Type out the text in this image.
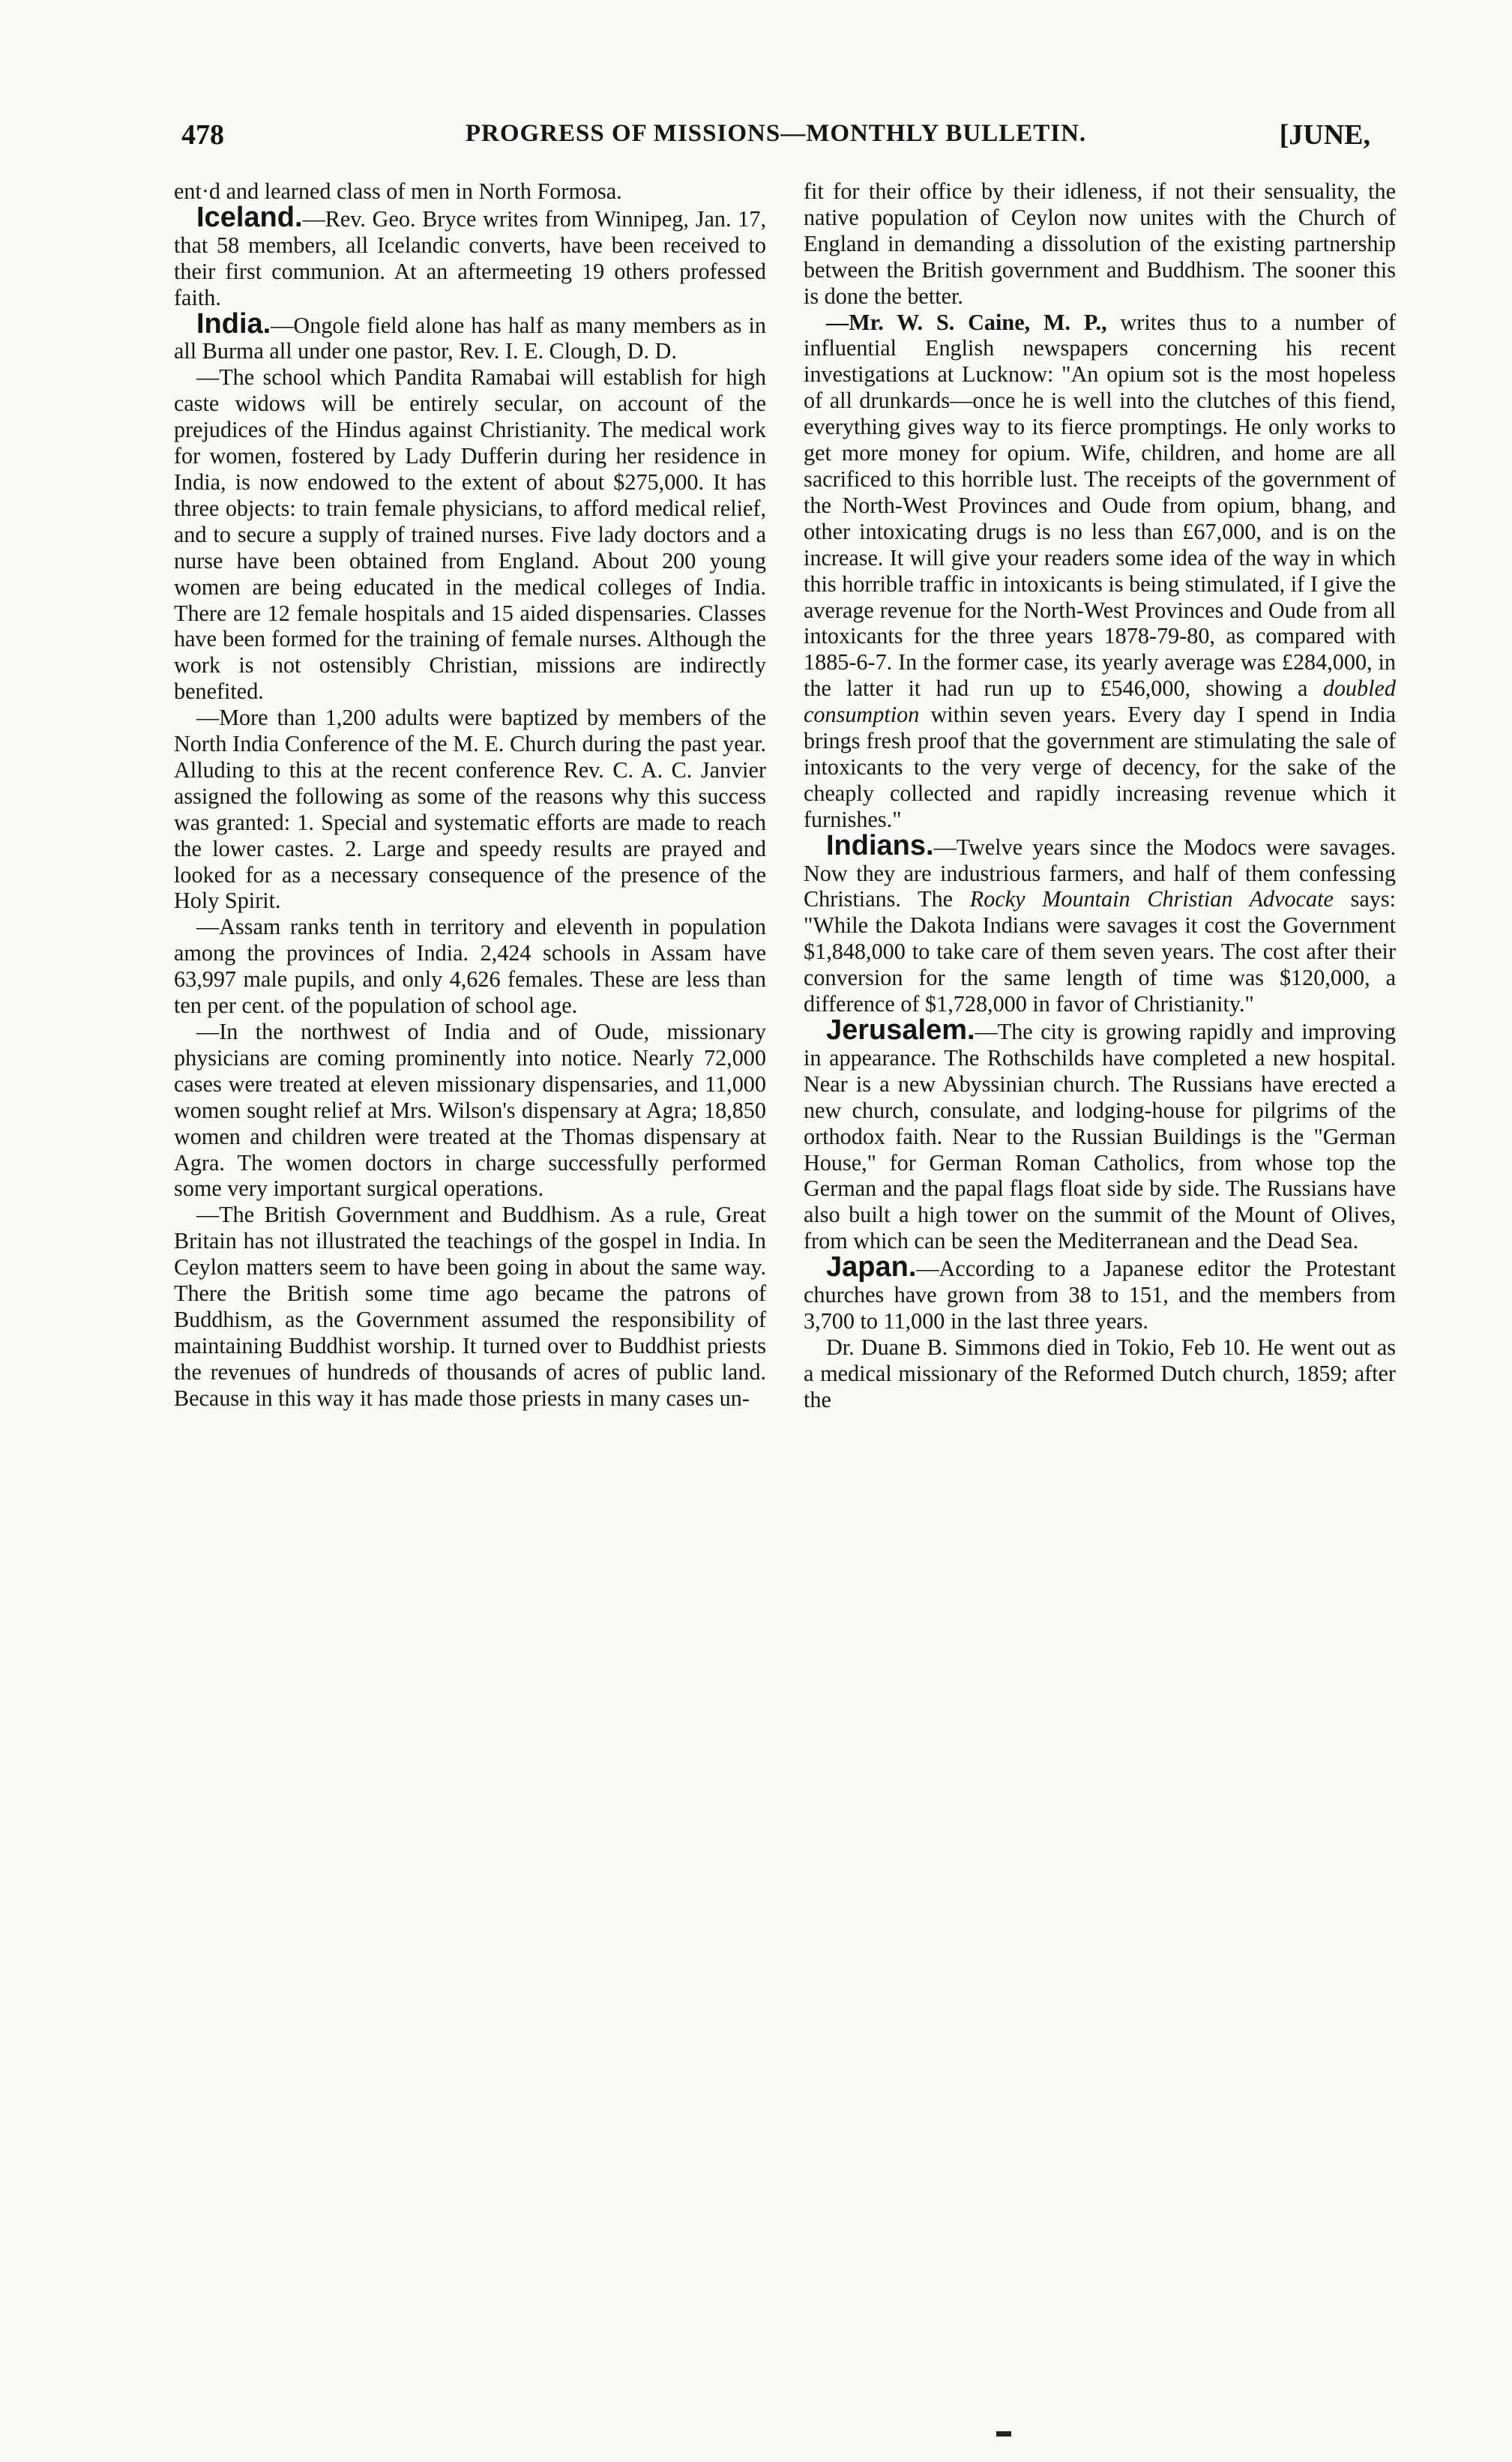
478	PROGRESS OF MISSIONS—MONTHLY BULLETIN.	[JUNE,

ent·d and learned class of men in North Formosa.

Iceland.—Rev. Geo. Bryce writes from Winnipeg, Jan. 17, that 58 members, all Icelandic converts, have been received to their first communion. At an aftermeeting 19 others professed faith.

India.—Ongole field alone has half as many members as in all Burma all under one pastor, Rev. I. E. Clough, D. D.

—The school which Pandita Ramabai will establish for high caste widows will be entirely secular, on account of the prejudices of the Hindus against Christianity. The medical work for women, fostered by Lady Dufferin during her residence in India, is now endowed to the extent of about $275,000. It has three objects: to train female physicians, to afford medical relief, and to secure a supply of trained nurses. Five lady doctors and a nurse have been obtained from England. About 200 young women are being educated in the medical colleges of India. There are 12 female hospitals and 15 aided dispensaries. Classes have been formed for the training of female nurses. Although the work is not ostensibly Christian, missions are indirectly benefited.

—More than 1,200 adults were baptized by members of the North India Conference of the M. E. Church during the past year. Alluding to this at the recent conference Rev. C. A. C. Janvier assigned the following as some of the reasons why this success was granted: 1. Special and systematic efforts are made to reach the lower castes. 2. Large and speedy results are prayed and looked for as a necessary consequence of the presence of the Holy Spirit.

—Assam ranks tenth in territory and eleventh in population among the provinces of India. 2,424 schools in Assam have 63,997 male pupils, and only 4,626 females. These are less than ten per cent. of the population of school age.

—In the northwest of India and of Oude, missionary physicians are coming prominently into notice. Nearly 72,000 cases were treated at eleven missionary dispensaries, and 11,000 women sought relief at Mrs. Wilson's dispensary at Agra; 18,850 women and children were treated at the Thomas dispensary at Agra. The women doctors in charge successfully performed some very important surgical operations.

—The British Government and Buddhism. As a rule, Great Britain has not illustrated the teachings of the gospel in India. In Ceylon matters seem to have been going in about the same way. There the British some time ago became the patrons of Buddhism, as the Government assumed the responsibility of maintaining Buddhist worship. It turned over to Buddhist priests the revenues of hundreds of thousands of acres of public land. Because in this way it has made those priests in many cases un-

fit for their office by their idleness, if not their sensuality, the native population of Ceylon now unites with the Church of England in demanding a dissolution of the existing partnership between the British government and Buddhism. The sooner this is done the better.

—Mr. W. S. Caine, M. P., writes thus to a number of influential English newspapers concerning his recent investigations at Lucknow: "An opium sot is the most hopeless of all drunkards—once he is well into the clutches of this fiend, everything gives way to its fierce promptings. He only works to get more money for opium. Wife, children, and home are all sacrificed to this horrible lust. The receipts of the government of the North-West Provinces and Oude from opium, bhang, and other intoxicating drugs is no less than £67,000, and is on the increase. It will give your readers some idea of the way in which this horrible traffic in intoxicants is being stimulated, if I give the average revenue for the North-West Provinces and Oude from all intoxicants for the three years 1878-79-80, as compared with 1885-6-7. In the former case, its yearly average was £284,000, in the latter it had run up to £546,000, showing a doubled consumption within seven years. Every day I spend in India brings fresh proof that the government are stimulating the sale of intoxicants to the very verge of decency, for the sake of the cheaply collected and rapidly increasing revenue which it furnishes."

Indians.—Twelve years since the Modocs were savages. Now they are industrious farmers, and half of them confessing Christians. The Rocky Mountain Christian Advocate says: "While the Dakota Indians were savages it cost the Government $1,848,000 to take care of them seven years. The cost after their conversion for the same length of time was $120,000, a difference of $1,728,000 in favor of Christianity."

Jerusalem.—The city is growing rapidly and improving in appearance. The Rothschilds have completed a new hospital. Near is a new Abyssinian church. The Russians have erected a new church, consulate, and lodging-house for pilgrims of the orthodox faith. Near to the Russian Buildings is the "German House," for German Roman Catholics, from whose top the German and the papal flags float side by side. The Russians have also built a high tower on the summit of the Mount of Olives, from which can be seen the Mediterranean and the Dead Sea.

Japan.—According to a Japanese editor the Protestant churches have grown from 38 to 151, and the members from 3,700 to 11,000 in the last three years.

Dr. Duane B. Simmons died in Tokio, Feb 10. He went out as a medical missionary of the Reformed Dutch church, 1859; after the
